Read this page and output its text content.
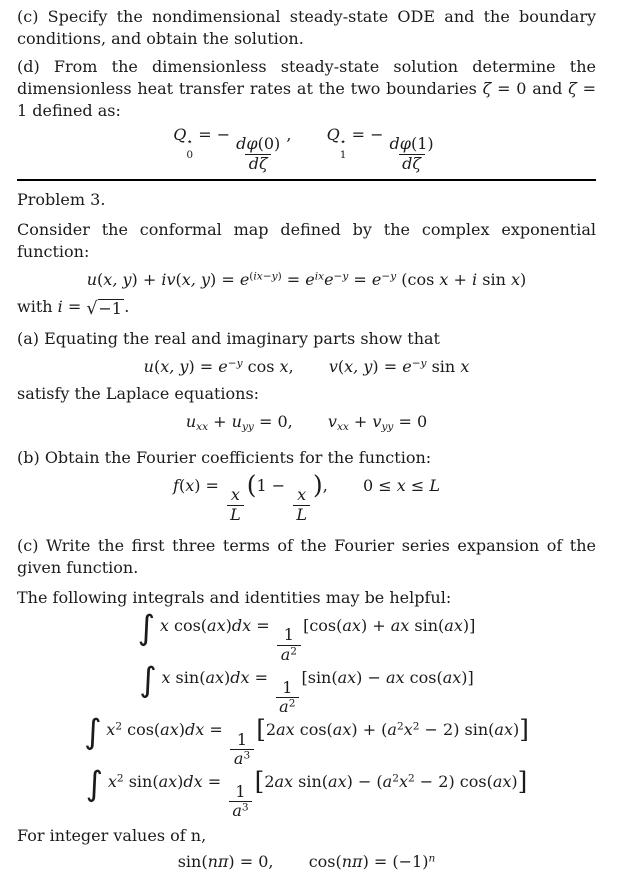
(c) Specify the nondimensional steady-state ODE and the boundary conditions, and obtain the solution.

(d) From the dimensionless steady-state solution determine the dimensionless heat transfer rates at the two boundaries ζ = 0 and ζ = 1 defined as:

Q ⋆
0
= −
$\frac{d\varphi(0)}{d\zeta}$
, Q ⋆
1
= −
$\frac{d\varphi(1)}{d\zeta}$

Problem 3.

Consider the conformal map defined by the complex exponential function:

u(x, y) + iv(x, $y) = e^{(ix-y)} = e^{ix}e^{-y} = e^{-y}$ (cos x + i sin x)

with i = √ −1 .

(a) Equating the real and imaginary parts show that

u(x, $y) = e^{-y}$ cos x, v(x, $y) = e^{-y}$ sin x

satisfy the Laplace equations:

uxx + uyy = 0, vxx + vyy = 0

(b) Obtain the Fourier coefficients for the function:

f(x) =
$\frac{x}{L}$
(1 −
$\frac{x}{L}$
), 0 ≤ x ≤ L

(c) Write the first three terms of the Fourier series expansion of the given function.

The following integrals and identities may be helpful:

∫ x cos(ax)dx =
$\frac{1}{a^2}$
[cos(ax) + ax sin(ax)]
∫ x sin(ax)dx =
$\frac{1}{a^2}$
[sin(ax) − ax cos(ax)]
∫ $x^2$ cos(ax)dx =
$\frac{1}{a^3}$
[2ax $\cos(ax) + (a^2x^2 - 2)$ sin(ax)]
∫ $x^2$ sin(ax)dx =
$\frac{1}{a^3}$
[2ax $\sin(ax) - (a^2x^2 - 2)$ cos(ax)]

For integer values of n,

sin(nπ) = 0, $\cos(n\pi) = (-1)^n$
